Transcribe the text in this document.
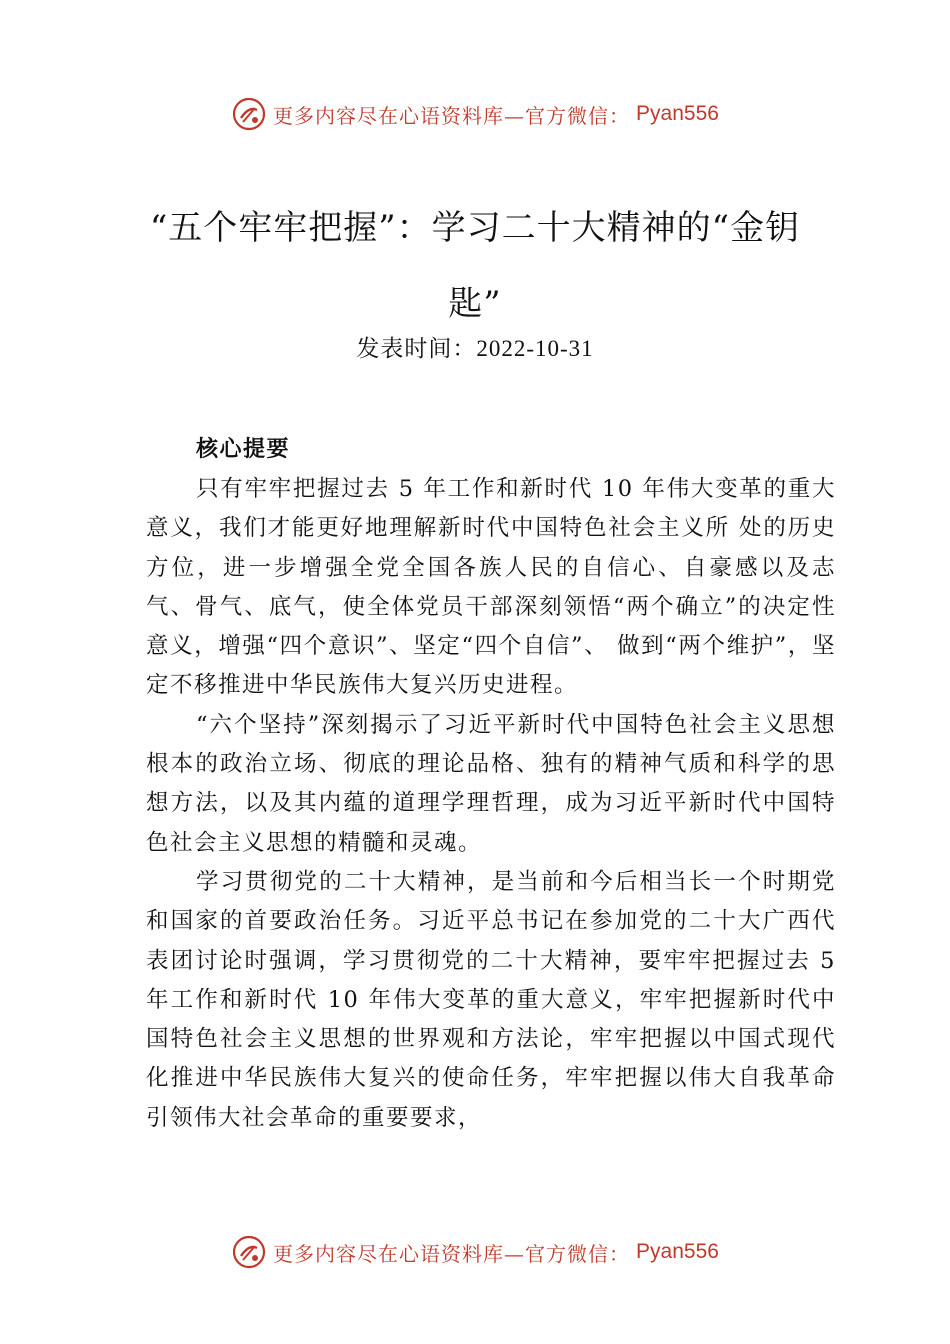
更多内容尽在心语资料库—官方微信： Pyan556
“五个牢牢把握”：学习二十大精神的“金钥匙”
发表时间：2022-10-31

核心提要

只有牢牢把握过去 5 年工作和新时代 10 年伟大变革的重大意义，我们才能更好地理解新时代中国特色社会主义所 处的历史方位，进一步增强全党全国各族人民的自信心、自豪感以及志气、骨气、底气，使全体党员干部深刻领悟“两个确立”的决定性意义，增强“四个意识”、坚定“四个自信”、 做到“两个维护”，坚定不移推进中华民族伟大复兴历史进程。

“六个坚持”深刻揭示了习近平新时代中国特色社会主义思想根本的政治立场、彻底的理论品格、独有的精神气质和科学的思想方法，以及其内蕴的道理学理哲理，成为习近平新时代中国特色社会主义思想的精髓和灵魂。

学习贯彻党的二十大精神，是当前和今后相当长一个时期党和国家的首要政治任务。习近平总书记在参加党的二十大广西代表团讨论时强调，学习贯彻党的二十大精神，要牢牢把握过去 5 年工作和新时代 10 年伟大变革的重大意义，牢牢把握新时代中国特色社会主义思想的世界观和方法论，牢牢把握以中国式现代化推进中华民族伟大复兴的使命任务，牢牢把握以伟大自我革命引领伟大社会革命的重要要求，

更多内容尽在心语资料库—官方微信： Pyan556
